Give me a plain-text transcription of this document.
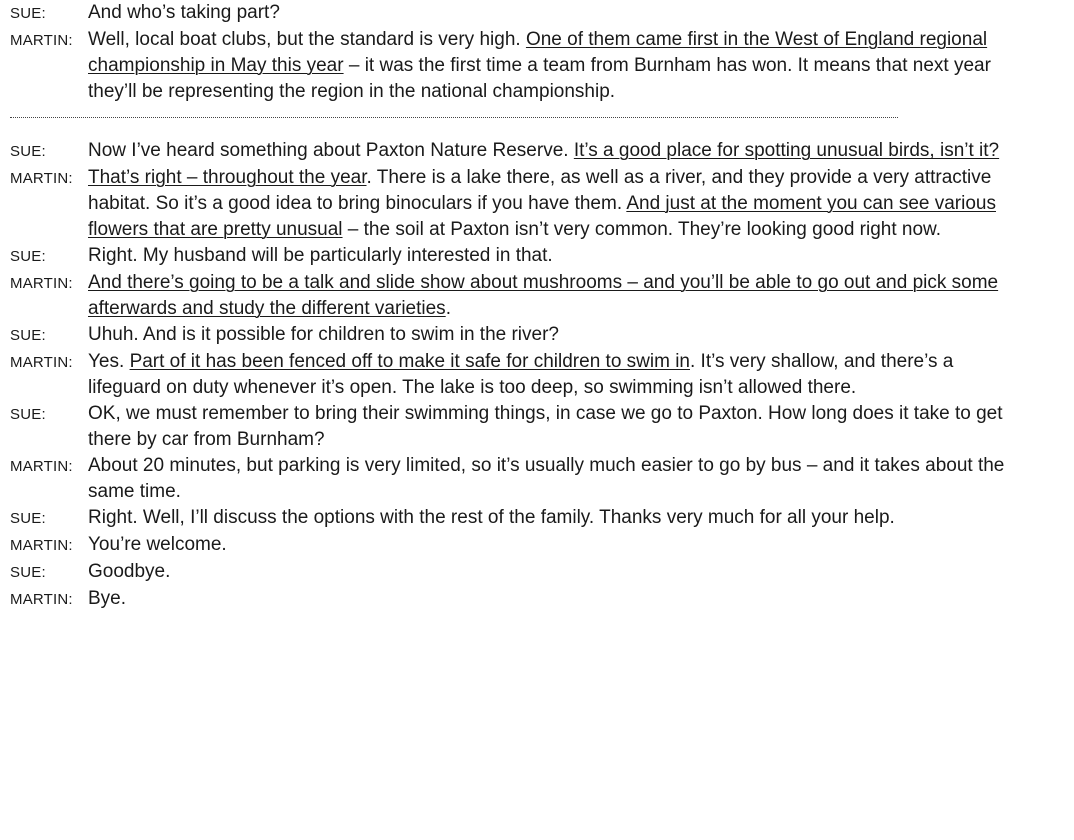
SUE:	And who’s taking part?
MARTIN: Well, local boat clubs, but the standard is very high. One of them came first in the West of England regional championship in May this year – it was the first time a team from Burnham has won. It means that next year they’ll be representing the region in the national championship.
SUE:	Now I’ve heard something about Paxton Nature Reserve. It’s a good place for spotting unusual birds, isn’t it?
MARTIN: That’s right – throughout the year. There is a lake there, as well as a river, and they provide a very attractive habitat. So it’s a good idea to bring binoculars if you have them. And just at the moment you can see various flowers that are pretty unusual – the soil at Paxton isn’t very common. They’re looking good right now.
SUE:	Right. My husband will be particularly interested in that.
MARTIN: And there’s going to be a talk and slide show about mushrooms – and you’ll be able to go out and pick some afterwards and study the different varieties.
SUE:	Uhuh. And is it possible for children to swim in the river?
MARTIN: Yes. Part of it has been fenced off to make it safe for children to swim in. It’s very shallow, and there’s a lifeguard on duty whenever it’s open. The lake is too deep, so swimming isn’t allowed there.
SUE:	OK, we must remember to bring their swimming things, in case we go to Paxton. How long does it take to get there by car from Burnham?
MARTIN: About 20 minutes, but parking is very limited, so it’s usually much easier to go by bus – and it takes about the same time.
SUE:	Right. Well, I’ll discuss the options with the rest of the family. Thanks very much for all your help.
MARTIN: You’re welcome.
SUE:	Goodbye.
MARTIN: Bye.
